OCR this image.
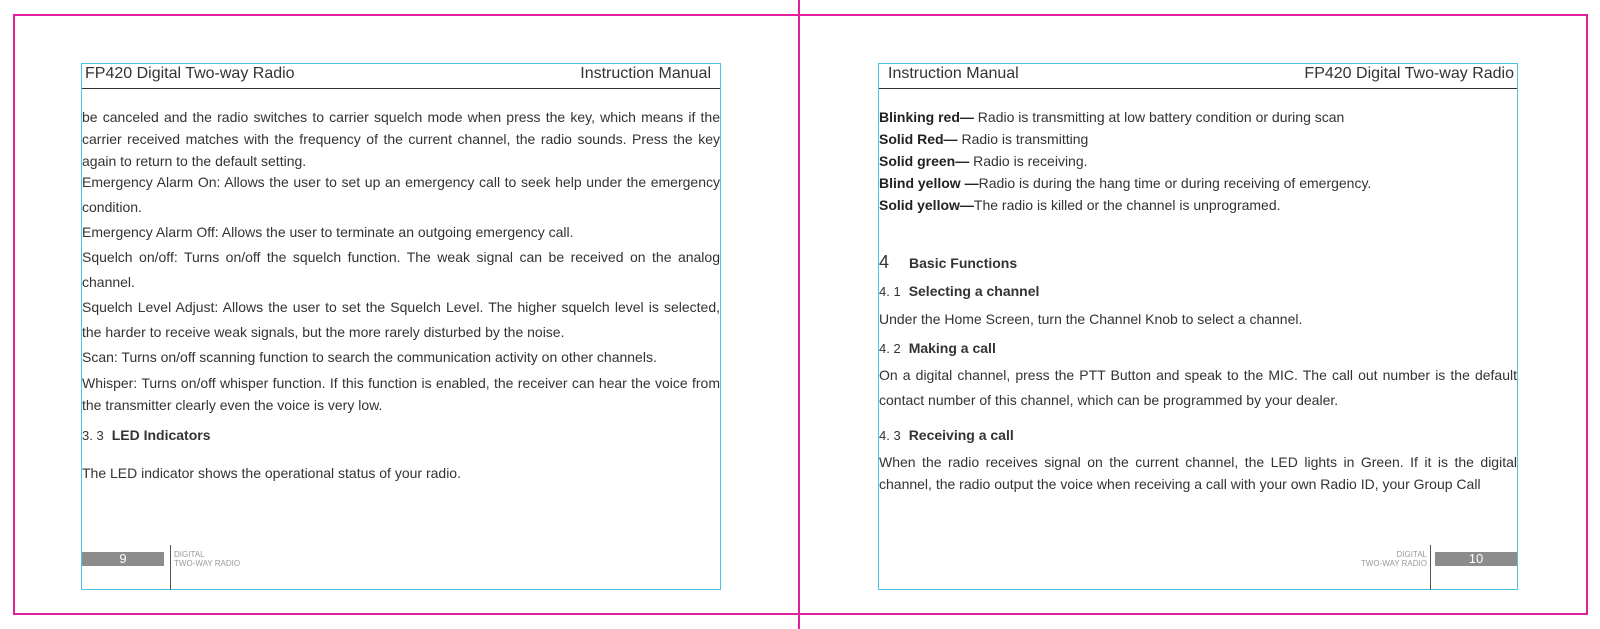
FP420 Digital Two-way Radio	Instruction Manual

be canceled and the radio switches to carrier squelch mode when press the key, which means if the carrier received matches with the frequency of the current channel, the radio sounds. Press the key again to return to the default setting.

Emergency Alarm On: Allows the user to set up an emergency call to seek help under the emergency condition.

Emergency Alarm Off: Allows the user to terminate an outgoing emergency call.

Squelch on/off: Turns on/off the squelch function. The weak signal can be received on the analog channel.

Squelch Level Adjust: Allows the user to set the Squelch Level. The higher squelch level is selected, the harder to receive weak signals, but the more rarely disturbed by the noise.

Scan: Turns on/off scanning function to search the communication activity on other channels.

Whisper: Turns on/off whisper function. If this function is enabled, the receiver can hear the voice from the transmitter clearly even the voice is very low.

3. 3 LED Indicators

The LED indicator shows the operational status of your radio.

9	DIGITAL
TWO-WAY RADIO
Instruction Manual	FP420 Digital Two-way Radio

Blinking red— Radio is transmitting at low battery condition or during scan

Solid Red— Radio is transmitting

Solid green— Radio is receiving.

Blind yellow —Radio is during the hang time or during receiving of emergency.

Solid yellow—The radio is killed or the channel is unprogramed.

4 Basic Functions

4. 1 Selecting a channel

Under the Home Screen, turn the Channel Knob to select a channel.

4. 2 Making a call

On a digital channel, press the PTT Button and speak to the MIC. The call out number is the default contact number of this channel, which can be programmed by your dealer.

4. 3 Receiving a call

When the radio receives signal on the current channel, the LED lights in Green. If it is the digital channel, the radio output the voice when receiving a call with your own Radio ID, your Group Call

DIGITAL
TWO-WAY RADIO	10
